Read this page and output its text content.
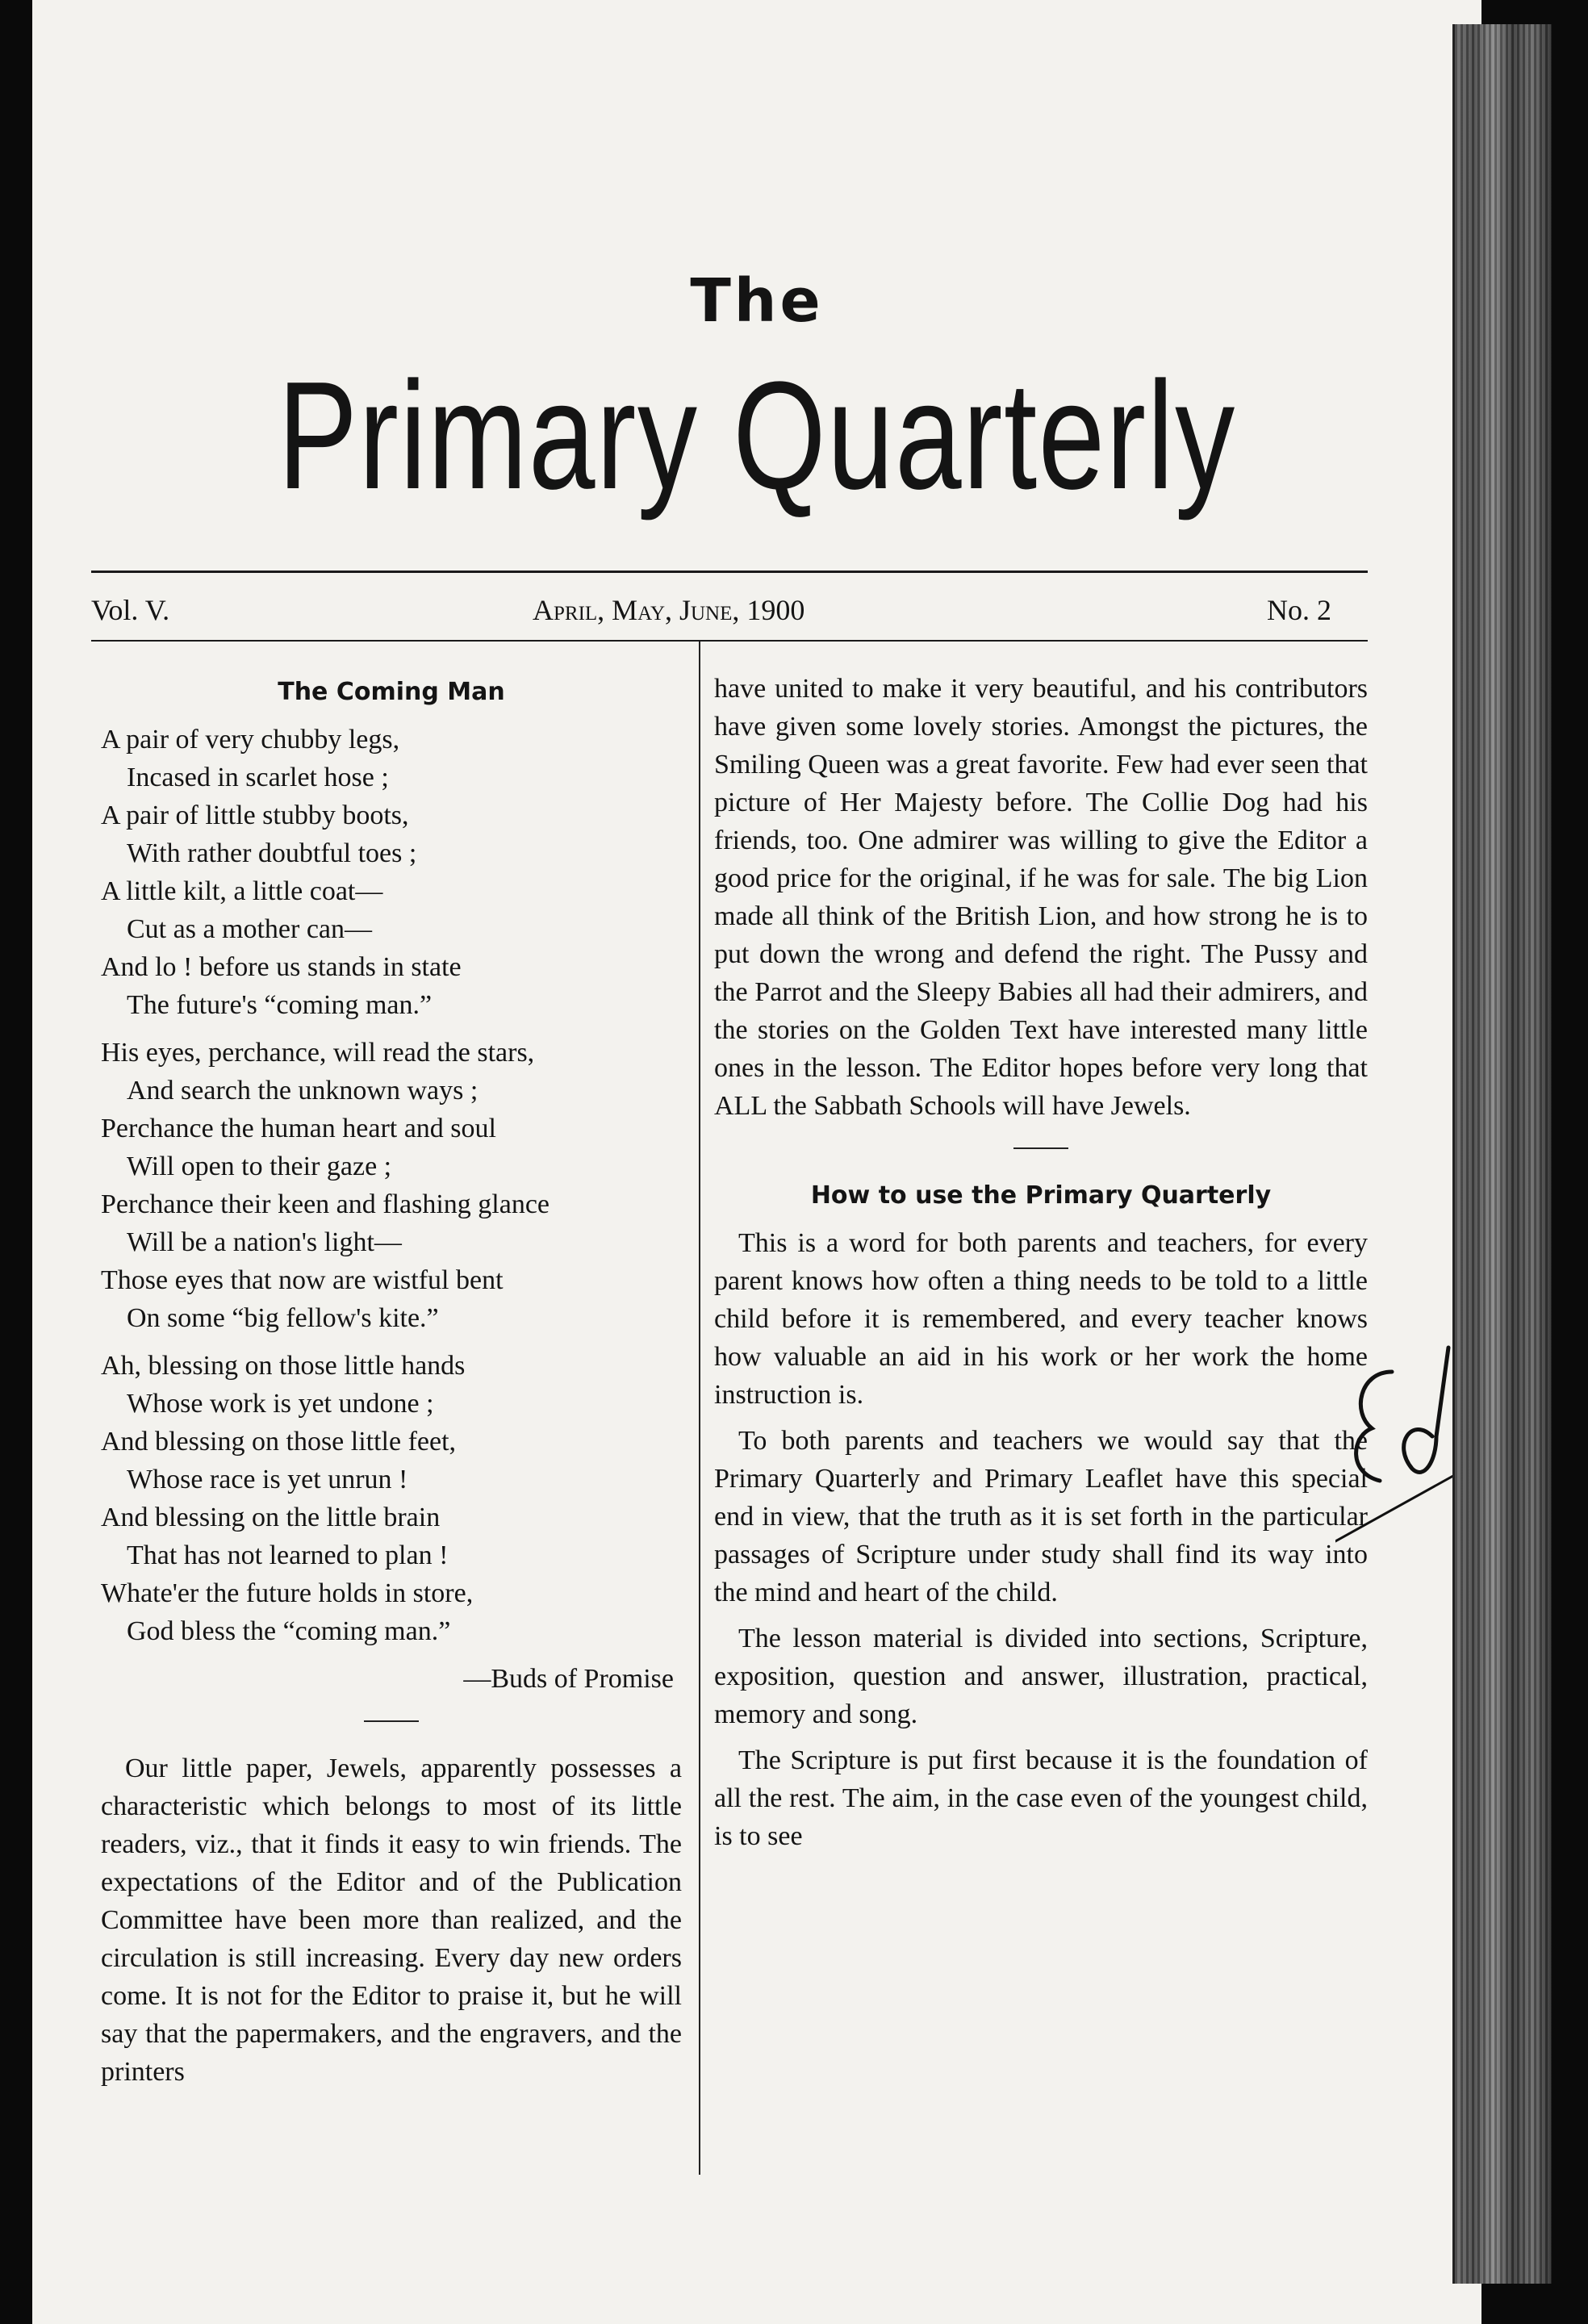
The
Primary Quarterly
Vol. V.	April, May, June, 1900	No. 2
The Coming Man
A pair of very chubby legs,
Incased in scarlet hose ;
A pair of little stubby boots,
With rather doubtful toes ;
A little kilt, a little coat—
Cut as a mother can—
And lo ! before us stands in state
The future's “coming man.”
His eyes, perchance, will read the stars,
And search the unknown ways ;
Perchance the human heart and soul
Will open to their gaze ;
Perchance their keen and flashing glance
Will be a nation's light—
Those eyes that now are wistful bent
On some “big fellow's kite.”
Ah, blessing on those little hands
Whose work is yet undone ;
And blessing on those little feet,
Whose race is yet unrun !
And blessing on the little brain
That has not learned to plan !
Whate'er the future holds in store,
God bless the “coming man.”
—Buds of Promise

Our little paper, Jewels, apparently possesses a characteristic which belongs to most of its little readers, viz., that it finds it easy to win friends. The expectations of the Editor and of the Publication Committee have been more than realized, and the circulation is still increasing. Every day new orders come. It is not for the Editor to praise it, but he will say that the papermakers, and the engravers, and the printers

have united to make it very beautiful, and his contributors have given some lovely stories. Amongst the pictures, the Smiling Queen was a great favorite. Few had ever seen that picture of Her Majesty before. The Collie Dog had his friends, too. One admirer was willing to give the Editor a good price for the original, if he was for sale. The big Lion made all think of the British Lion, and how strong he is to put down the wrong and defend the right. The Pussy and the Parrot and the Sleepy Babies all had their admirers, and the stories on the Golden Text have interested many little ones in the lesson. The Editor hopes before very long that ALL the Sabbath Schools will have Jewels.

How to use the Primary Quarterly

This is a word for both parents and teachers, for every parent knows how often a thing needs to be told to a little child before it is remembered, and every teacher knows how valuable an aid in his work or her work the home instruction is.

To both parents and teachers we would say that the Primary Quarterly and Primary Leaflet have this special end in view, that the truth as it is set forth in the particular passages of Scripture under study shall find its way into the mind and heart of the child.

The lesson material is divided into sections, Scripture, exposition, question and answer, illustration, practical, memory and song.

The Scripture is put first because it is the foundation of all the rest. The aim, in the case even of the youngest child, is to see
